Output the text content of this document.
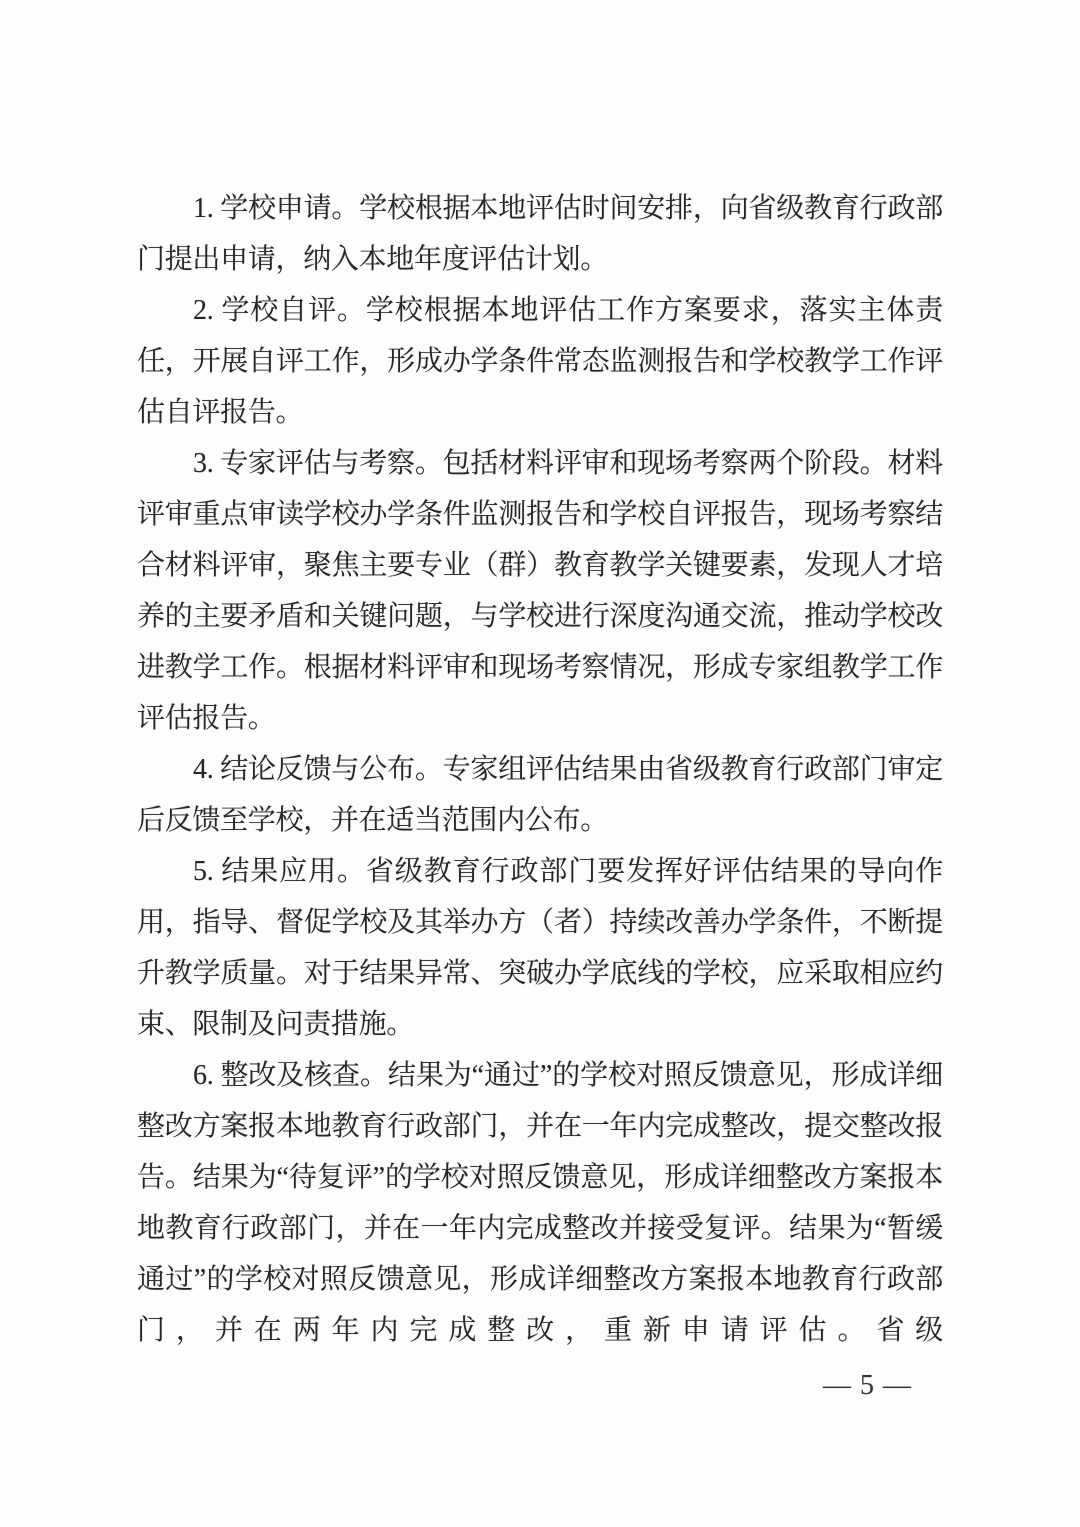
1. 学校申请。学校根据本地评估时间安排，向省级教育行政部门提出申请，纳入本地年度评估计划。

2. 学校自评。学校根据本地评估工作方案要求，落实主体责任，开展自评工作，形成办学条件常态监测报告和学校教学工作评估自评报告。

3. 专家评估与考察。包括材料评审和现场考察两个阶段。材料评审重点审读学校办学条件监测报告和学校自评报告，现场考察结合材料评审，聚焦主要专业（群）教育教学关键要素，发现人才培养的主要矛盾和关键问题，与学校进行深度沟通交流，推动学校改进教学工作。根据材料评审和现场考察情况，形成专家组教学工作评估报告。

4. 结论反馈与公布。专家组评估结果由省级教育行政部门审定后反馈至学校，并在适当范围内公布。

5. 结果应用。省级教育行政部门要发挥好评估结果的导向作用，指导、督促学校及其举办方（者）持续改善办学条件，不断提升教学质量。对于结果异常、突破办学底线的学校，应采取相应约束、限制及问责措施。

6. 整改及核查。结果为“通过”的学校对照反馈意见，形成详细整改方案报本地教育行政部门，并在一年内完成整改，提交整改报告。结果为“待复评”的学校对照反馈意见，形成详细整改方案报本地教育行政部门，并在一年内完成整改并接受复评。结果为“暂缓通过”的学校对照反馈意见，形成详细整改方案报本地教育行政部门，并在两年内完成整改，重新申请评估。省级

— 5 —
